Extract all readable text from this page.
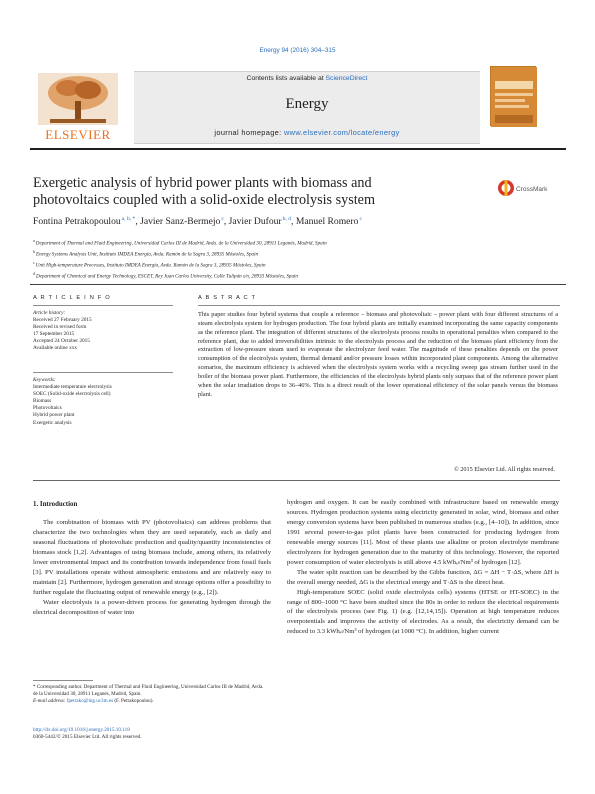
Energy 94 (2016) 304–315
ELSEVIER
Contents lists available at ScienceDirect
Energy
journal homepage: www.elsevier.com/locate/energy
Exergetic analysis of hybrid power plants with biomass and photovoltaics coupled with a solid-oxide electrolysis system
CrossMark
Fontina Petrakopoulou$^{a, b, *}$, Javier Sanz-Bermejo$^c$, Javier Dufour$^{b, d}$, Manuel Romero$^c$
$^a$Department of Thermal and Fluid Engineering, Universidad Carlos III de Madrid, Avda. de la Universidad 30, 28911 Leganés, Madrid, Spain
$^b$Energy Systems Analysis Unit, Instituto IMDEA Energía, Avda. Ramón de la Sagra 3, 28935 Móstoles, Spain
$^c$Unit High-temperature Processes, Instituto IMDEA Energía, Avda. Ramón de la Sagra 3, 28935 Móstoles, Spain
$^d$Department of Chemical and Energy Technology, ESCET, Rey Juan Carlos University, Calle Tulipán s/n, 28933 Móstoles, Spain
A R T I C L E I N F O
Article history:
Received 27 February 2015
Received in revised form
17 September 2015
Accepted 24 October 2015
Available online xxx
Keywords:
Intermediate temperature electrolysis
SOEC (Solid-oxide electrolysis cell)
Biomass
Photovoltaics
Hybrid power plant
Exergetic analysis
A B S T R A C T
This paper studies four hybrid systems that couple a reference – biomass and photovoltaic – power plant with four different structures of a steam electrolysis system for hydrogen production. The four hybrid plants are initially examined incorporating the same capacity components as the reference plant. The integration of different structures of the electrolysis process results in operational penalties when compared to the reference plant, due to added irreversibilities intrinsic to the electrolysis process and the reduction of the biomass plant efficiency from the extraction of low-pressure steam used to evaporate the electrolyzer feed water. The magnitude of these penalties depends on the power consumption of the electrolysis system, thermal demand and/or pressure losses within incorporated plant components. Among the alternative scenarios, the maximum efficiency is achieved when the electrolysis system works with a recycling sweep gas stream further used in the boiler of the biomass power plant. Furthermore, the efficiencies of the electrolysis hybrid plants only surpass that of the reference power plant when the solar irradiation drops to 36–46%. This is a direct result of the lower operational efficiency of the solar panels versus the biomass plant.
© 2015 Elsevier Ltd. All rights reserved.
1. Introduction

The combination of biomass with PV (photovoltaics) can address problems that characterize the two technologies when they are used separately, such as daily and seasonal fluctuations of photovoltaic production and quality/quantity inconsistencies of biomass stock [1,2]. Advantages of using biomass include, among others, its relatively lower environmental impact and its contribution towards independence from fossil fuels [3]. PV installations operate without atmospheric emissions and are relatively easy to maintain [2]. Furthermore, hydrogen generation and storage options offer a possibility to further regulate the fluctuating output of renewable energy (e.g., [2]).

Water electrolysis is a power-driven process for generating hydrogen through the electrical decomposition of water into

hydrogen and oxygen. It can be easily combined with infrastructure based on renewable energy sources. Hydrogen production systems using electricity generated in solar, wind, biomass and other energy conversion systems have been published in numerous studies (e.g., [4–10]). In addition, since 1991 several power-to-gas pilot plants have been constructed for producing hydrogen from renewable energy sources [11]. Most of these plants use alkaline or proton electrolyte membrane electrolyzers for hydrogen generation due to the maturity of this technology. However, the reported power consumption of water electrolysis is still above 4.5 kWhₑₗ/Nm³ of hydrogen [12].

The water split reaction can be described by the Gibbs function, ΔG = ΔH − T·ΔS, where ΔH is the overall energy needed, ΔG is the electrical energy and T·ΔS is the direct heat.

High-temperature SOEC (solid oxide electrolysis cells) systems (HTSE or HT-SOEC) in the range of 800–1000 °C have been studied since the 80s in order to reduce the electrical requirements of the electrolysis process (see Fig. 1) (e.g. [12,14,15]). Operation at high temperature reduces overpotentials and improves the activity of electrodes. As a result, the electricity demand can be reduced to 3.3 kWhₑₗ/Nm³ of hydrogen (at 1000 °C). In addition, higher current

* Corresponding author. Department of Thermal and Fluid Engineering, Universidad Carlos III de Madrid, Avda. de la Universidad 30, 28911 Leganés, Madrid, Spain.
E-mail address: fpetrako@ing.uc3m.es (F. Petrakopoulou).
http://dx.doi.org/10.1016/j.energy.2015.10.118
0360-5442/© 2015 Elsevier Ltd. All rights reserved.
